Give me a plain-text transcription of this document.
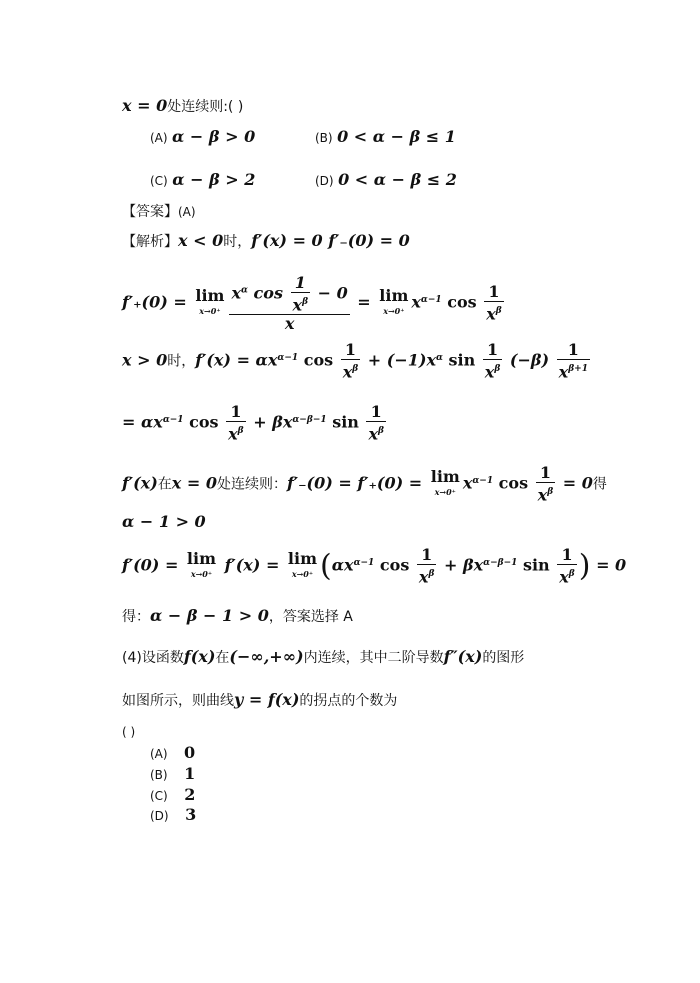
x = 0处连续则:( )
(A) α − β > 0	(B) 0 < α − β ≤ 1
(C) α − β > 2	(D) 0 < α − β ≤ 2
【答案】(A)
【解析】x < 0时，f′(x) = 0 f′₋(0) = 0
f′₊(0) = lim
$x\to 0^+ \frac{x^\alpha \cos \frac{1}{x^\beta} - 0}{x} = \lim$
x→0⁺ $x^{\alpha-1}$ $\cos \frac{1}{x^\beta}$
x > 0时，$f'(x) = \alpha x^{\alpha-1}$ $\cos \frac{1}{x^\beta} + (-1)x^\alpha$ $\sin \frac{1}{x^\beta} (-\beta) \frac{1}{x^{\beta+1}}$
= $\alpha x^{\alpha-1}$ $\cos \frac{1}{x^\beta} + \beta x^{\alpha-\beta-1}$ $\sin \frac{1}{x^\beta}$
f′(x)在x = 0处连续则：f′₋(0) = f′₊(0) = lim
x→0⁺ $x^{\alpha-1}$ $\cos \frac{1}{x^\beta} = 0$得
α − 1 > 0
f′(0) = lim
x→0⁺ f′(x) = lim
x→0⁺ ($\alpha x^{\alpha-1}$ $\cos \frac{1}{x^\beta} + \beta x^{\alpha-\beta-1}$ $\sin \frac{1}{x^\beta}$ ) = 0
得：α − β − 1 > 0，答案选择 A
(4)设函数f(x)在(−∞,+∞)内连续，其中二阶导数f″(x)的图形
如图所示，则曲线y = f(x)的拐点的个数为
( )
(A) 0
(B) 1
(C) 2
(D) 3
